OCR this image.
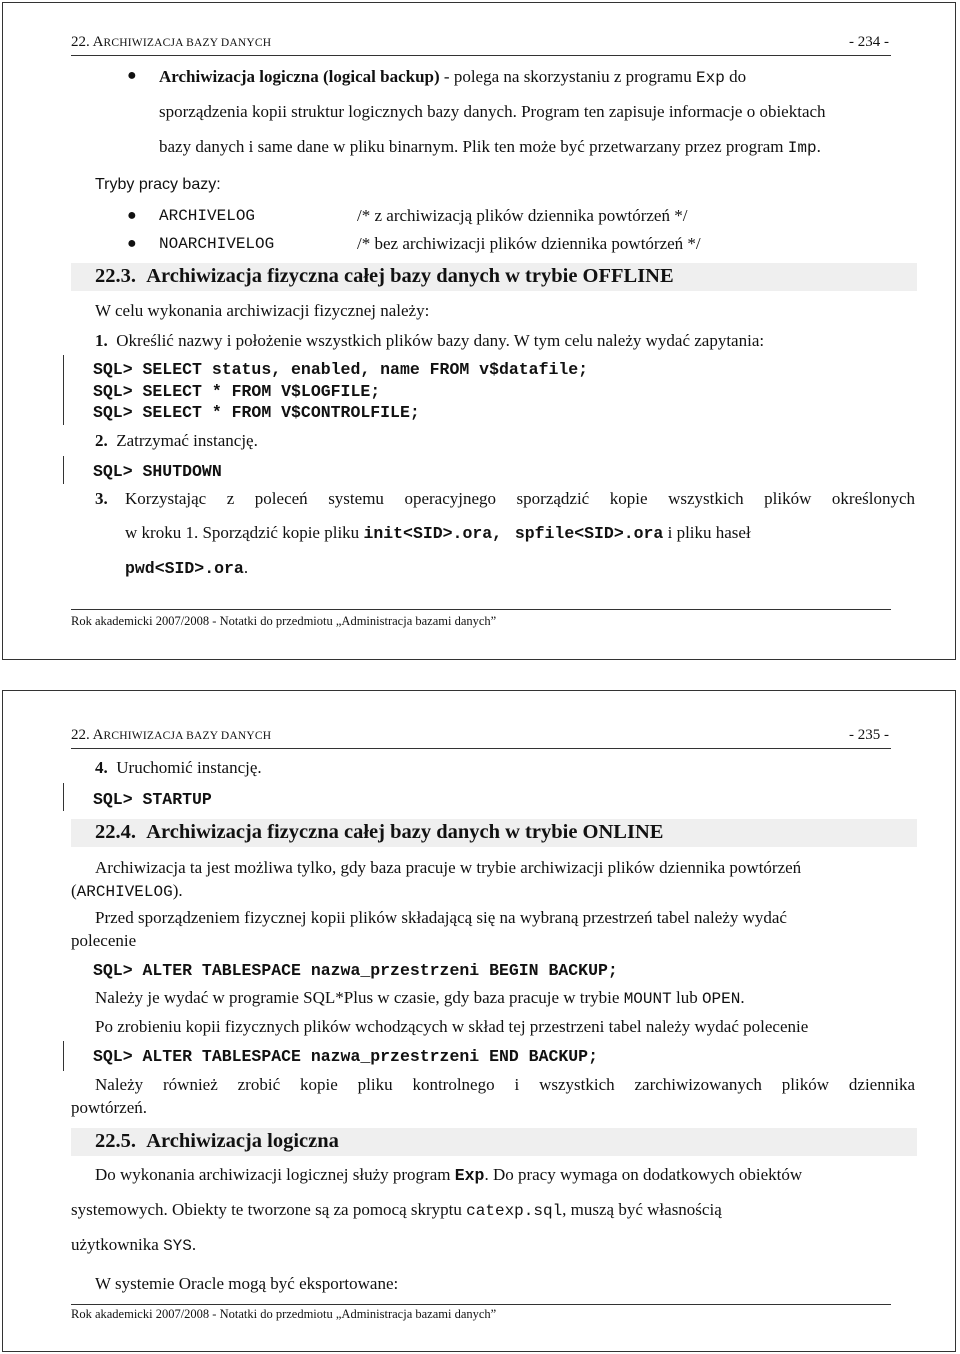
22. ARCHIWIZACJA BAZY DANYCH	- 234 -
● Archiwizacja logiczna (logical backup) - polega na skorzystaniu z programu Exp do
sporządzenia kopii struktur logicznych bazy danych. Program ten zapisuje informacje o obiektach
bazy danych i same dane w pliku binarnym. Plik ten może być przetwarzany przez program Imp.
Tryby pracy bazy:
● ARCHIVELOG	/* z archiwizacją plików dziennika powtórzeń */
● NOARCHIVELOG	/* bez archiwizacji plików dziennika powtórzeń */
22.3. Archiwizacja fizyczna całej bazy danych w trybie OFFLINE
W celu wykonania archiwizacji fizycznej należy:
1. Określić nazwy i położenie wszystkich plików bazy dany. W tym celu należy wydać zapytania:
SQL> SELECT status, enabled, name FROM v$datafile;
SQL> SELECT * FROM V$LOGFILE;
SQL> SELECT * FROM V$CONTROLFILE;
2. Zatrzymać instancję.
SQL> SHUTDOWN
3. Korzystając z poleceń systemu operacyjnego sporządzić kopie wszystkich plików określonych
w kroku 1. Sporządzić kopie pliku init<SID>.ora, spfile<SID>.ora i pliku haseł
pwd<SID>.ora.
Rok akademicki 2007/2008 - Notatki do przedmiotu „Administracja bazami danych”
22. ARCHIWIZACJA BAZY DANYCH	- 235 -
4. Uruchomić instancję.
SQL> STARTUP
22.4. Archiwizacja fizyczna całej bazy danych w trybie ONLINE
Archiwizacja ta jest możliwa tylko, gdy baza pracuje w trybie archiwizacji plików dziennika powtórzeń
(ARCHIVELOG).
Przed sporządzeniem fizycznej kopii plików składającą się na wybraną przestrzeń tabel należy wydać
polecenie
SQL> ALTER TABLESPACE nazwa_przestrzeni BEGIN BACKUP;
Należy je wydać w programie SQL*Plus w czasie, gdy baza pracuje w trybie MOUNT lub OPEN.
Po zrobieniu kopii fizycznych plików wchodzących w skład tej przestrzeni tabel należy wydać polecenie
SQL> ALTER TABLESPACE nazwa_przestrzeni END BACKUP;
Należy również zrobić kopie pliku kontrolnego i wszystkich zarchiwizowanych plików dziennika
powtórzeń.
22.5. Archiwizacja logiczna
Do wykonania archiwizacji logicznej służy program Exp. Do pracy wymaga on dodatkowych obiektów
systemowych. Obiekty te tworzone są za pomocą skryptu catexp.sql, muszą być własnością
użytkownika SYS.
W systemie Oracle mogą być eksportowane:
Rok akademicki 2007/2008 - Notatki do przedmiotu „Administracja bazami danych”
